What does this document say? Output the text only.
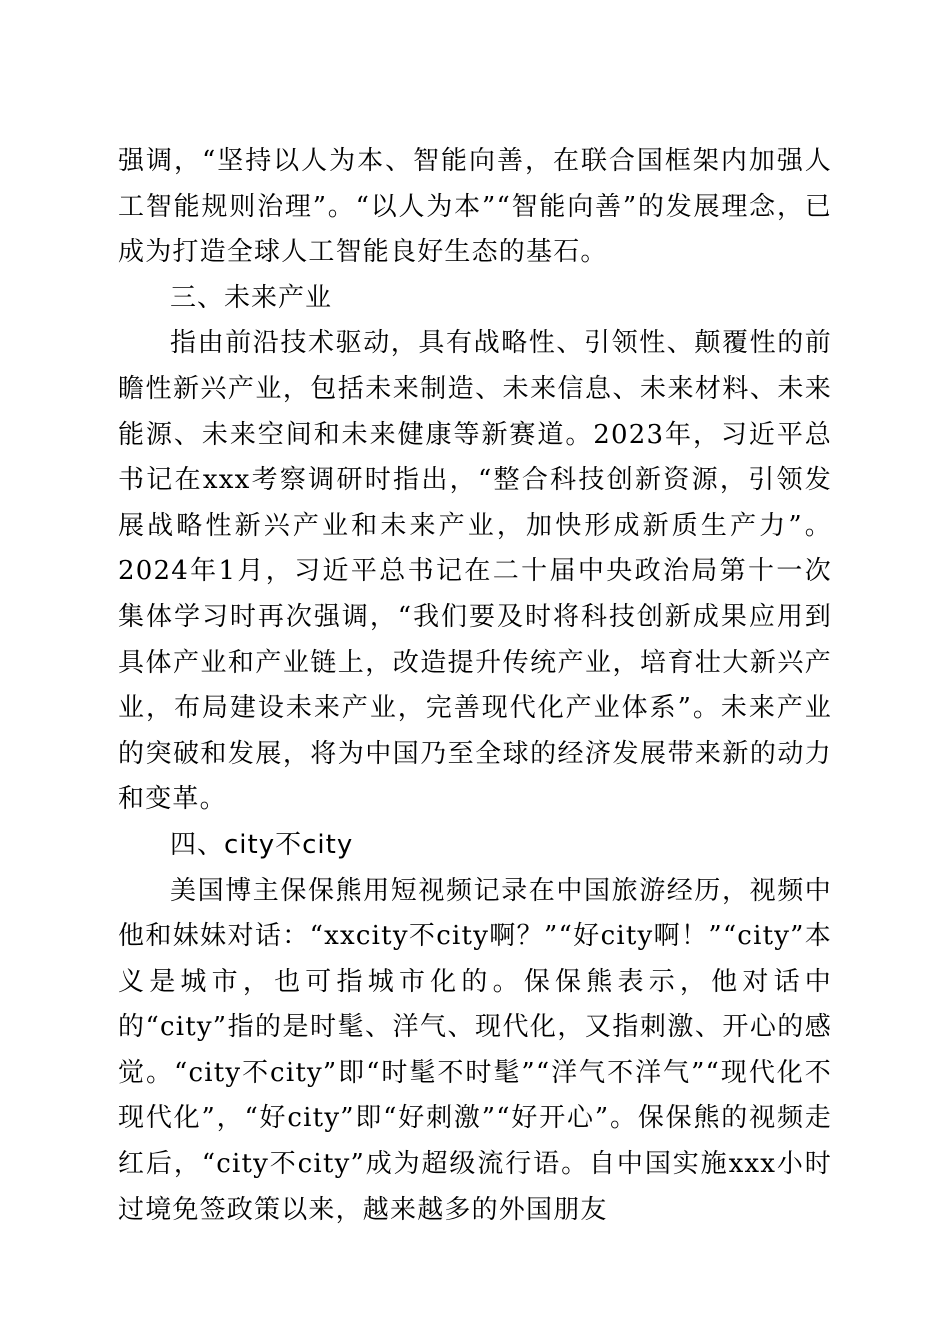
强调，“坚持以人为本、智能向善，在联合国框架内加强人工智能规则治理”。“以人为本”“智能向善”的发展理念，已成为打造全球人工智能良好生态的基石。

三、未来产业

指由前沿技术驱动，具有战略性、引领性、颠覆性的前瞻性新兴产业，包括未来制造、未来信息、未来材料、未来能源、未来空间和未来健康等新赛道。2023年，习近平总书记在xxx考察调研时指出，“整合科技创新资源，引领发展战略性新兴产业和未来产业，加快形成新质生产力”。2024年1月，习近平总书记在二十届中央政治局第十一次集体学习时再次强调，“我们要及时将科技创新成果应用到具体产业和产业链上，改造提升传统产业，培育壮大新兴产业，布局建设未来产业，完善现代化产业体系”。未来产业的突破和发展，将为中国乃至全球的经济发展带来新的动力和变革。

四、city不city

美国博主保保熊用短视频记录在中国旅游经历，视频中他和妹妹对话：“xxcity不city啊？”“好city啊！”“city”本义是城市，也可指城市化的。保保熊表示，他对话中的“city”指的是时髦、洋气、现代化，又指刺激、开心的感觉。“city不city”即“时髦不时髦”“洋气不洋气”“现代化不现代化”，“好city”即“好刺激”“好开心”。保保熊的视频走红后，“city不city”成为超级流行语。自中国实施xxx小时过境免签政策以来，越来越多的外国朋友
